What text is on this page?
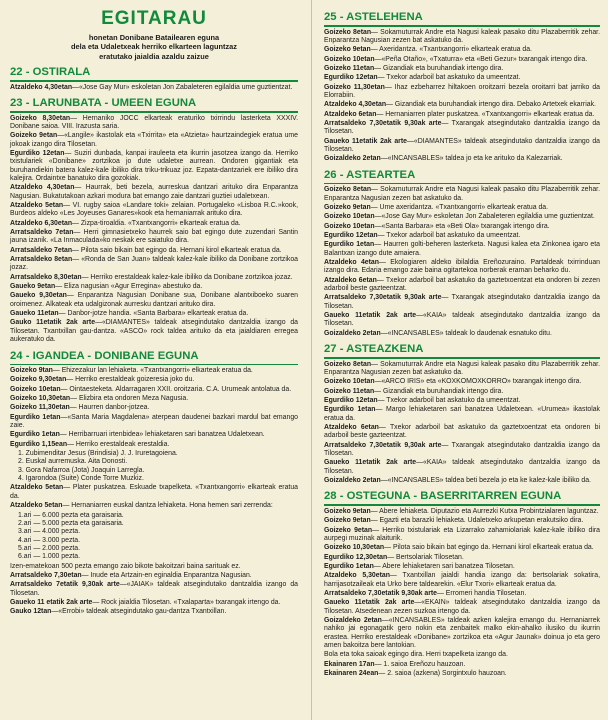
EGITARAU
honetan Donibane Batailearen eguna
dela eta Udaletxeak herriko elkarteen laguntzaz
eratutako jaialdia azaldu zaizue
22 - OSTIRALA
Atzaldeko 4,30etan—«Jose Gay Mur» eskoletan Jon Zabaleteren egilaldia ume guztientzat.
23 - LARUNBATA - UMEEN EGUNA
Goizeko 8,30etan— Hernaniko JOCC elkarteak eraturiko txirrindu lasterketa XXXIV. Donibane saioa. VIII. Irazusta saria.
Goizeko 9etan—«Langile» ikastolak eta «Txirrita» eta «Atzieta» haurtzaindegiek eratua ume jokoak izango dira Tilosetan.
Egurdiko 12etan— Suziri dunbada, kanpai irauleeta eta ikurrin jasotzea izango da. Herriko txistulariek «Donibane» zortzikoa jo dute udaletxe aurrean. Ondoren gigantiak eta buruhandiekin batera kalez-kale ibiliko dira triku-trikuaz joz. Ezpata-dantzariek ere ibiliko dira kalejira. Ordaintxe banatuko dira gozokiak.
Atzaldeko 4,30etan— Haurrak, beti bezela, aurreskua dantzari arituko dira Enparantza Nagusian. Bukatutakoan azkari modura bat emango zaie dantzari guztiei udaletxean.
Atzaldeko 5etan— VI. rugby saioa «Landare toki» zelaian. Portugaleko «Lisboa R.C.»kook, Burdeos aldeko «Les Joyeuses Ganares»kook eta hernaniarrak arituko dira.
Atzaldeko 6,30etan— Zizpa-tiroaldia. «Txantxangorri» elkarteak eratua da.
Arratsaldeko 7etan— Herri gimnasietxeko haurrek saio bat egingo dute zuzendari Santin jauna izanik. «La Inmaculada»ko neskak ere saiatuko dira.
Arratsaldeko 7etan— Pilota saio bikain bat egingo da. Hernani kirol elkarteak eratua da.
Arratsaldeko 8etan— «Ronda de San Juan» taldeak kalez-kale ibiliko da Donibane zortzikoa jozaz.
Arratsaldeko 8,30etan— Herriko erestaldeak kalez-kale ibiliko da Donibane zortzikoa jozaz.
Gaueko 9etan— Eliza nagusian «Agur Erregina» abestuko da.
Gaueko 9,30etan— Enparantza Nagusian Donibane sua, Donibane alantxiboeko suaren oroimenez. Alkateak eta udalgizonak aurresku dantzari arituko dira.
Gaueko 11etan— Danbor-jotze handia. «Santa Barbara» elkarteak eratua da.
Gauko 11etatik 2ak arte—«DIAMANTES» taldeak atsegindutako dantzaldia izango da Tilosetan. Txantxillan gau-dantza. «ASCO» rock taldea arituko da eta jaialdiaren erregea aukeratuko da.
24 - IGANDEA - DONIBANE EGUNA
Goizeko 9tan— Ehizezakur lan lehiaketa. «Txantxangorri» elkarteak eratua da.
Goizeko 9,30etan— Herriko erestaldeak goizeresia joko du.
Goizeko 10etan— Ointaesteketa. Aldarragaren XXII. oroitzaria. C.A. Urumeak antolatua da.
Goizeko 10,30etan— Elizbira eta ondoren Meza Nagusia.
Goizeko 11,30etan— Haurren danbor-jotzea.
Egurdiko 1etan—«Santa Maria Magdalena» aterpean daudenei bazkari mardul bat emango zaie.
Egurdiko 1etan— Herribarruari irtenbidea» lehiaketaren sari banatzea Udaletxean.
Egurdiko 1,15ean— Herriko erestaldeak erestaldia.
1. Zubimenditar Jesus (Brindisia) J. J. Iruretagoiena.
2. Euskal aurremuska. Aita Donosti.
3. Gora Nafarroa (Jota) Joaquin Larregla.
4. Igarondoa (Suite) Conde Torre Muzkiz.
Atzaldeko 5etan— Plater puskatzea. Eskuade txapelketa. «Txantxangorri» elkarteak eratua da.
Atzaldeko 5etan— Hernaniarren euskal dantza lehiaketa. Hona hemen sari zerrenda:
1.ari — 6.000 pezta eta garaisaria.
2.ari — 5.000 pezta eta garaisaria.
3.ari — 4.000 pezta.
4.ari — 3.000 pezta.
5.ari — 2.000 pezta.
6.ari — 1.000 pezta.
Izen-ematekoan 500 pezta emango zaio bikote bakoitzari baina sarituak ez.
Arratsaldeko 7,30etan— Inude eta Artzain-en eginaldia Enparantza Nagusian.
Arratsaldeko 7etatik 9,30ak arte—«JAIAK» taldeak atsegindutako dantzaldia izango da Tilosetan.
Gaueko 11 etatik 2ak arte— Rock jaialdia Tilosetan. «Txalaparta» txarangak irtengo da.
Gauko 12tan—«Errobi» taldeak atsegindutako gau-dantza Txantxillan.
25 - ASTELEHENA
Goizeko 8etan— Sokamuturrak Andre eta Nagusi kaleak pasako ditu Plazaberritik zehar. Enparantza Nagusian zezen bat askatuko da.
Goizeko 9etan— Axeridantza. «Txantxangorri» elkarteak eratua da.
Goizeko 10etan—«Peña Otaño», «Txaturra» eta «Beti Gezur» txarangak irtengo dira.
Goizeko 11etan— Gizandiak eta buruhandiak irtengo dira.
Egurdiko 12etan— Txekor adarboil bat askatuko da umeentzat.
Goizeko 11,30etan— Ihaz ezbeharrez hiltakoen oroitzarri bezela oroitarri bat jarriko da Elorrabiin.
Atzaldeko 4,30etan— Gizandiak eta buruhandiak irtengo dira. Debako Artetxek ekarriak.
Atzaldeko 6etan— Hernaniarren plater puskatzea. «Txantxangorri» elkarteak eratua da.
Arratsaldeko 7,30etatik 9,30ak arte— Txarangak atsegindutako dantzaldia izango da Tilosetan.
Gaueko 11etatik 2ak arte—«DIAMANTES» taldeak atsegindutako dantzaldia izango da Tilosetan.
Goizaldeko 2etan—«INCANSABLES» taldea jo eta ke arituko da Kalezarriak.
26 - ASTEARTEA
Goizeko 8etan— Sokamuturrak Andre eta Nagusi kaleak pasako ditu Plazaberritik zehar. Enparantza Nagusian zezen bat askatuko da.
Goizeko 9etan— Ume axeridantza. «Txantxangorri» elkarteak eratua da.
Goizeko 10etan—«Jose Gay Mur» eskoletan Jon Zabaleteren egilaldia ume guztientzat.
Goizeko 10etan—«Santa Barbara» eta «Beti Ola» txarangak irtengo dira.
Egurdiko 12etan— Txekor adarboil bat askatuko da umeentzat.
Egurdiko 1etan— Haurren golti-beheren lasterketa. Nagusi kalea eta Zinkonea igaro eta Balantxan izango dute amaiera.
Atzaldeko 4etan— Ekologiaren aldeko ibilaldia Ereñozuraino. Partaldeak txirrinduan izango dira. Edaria emango zaie baina ogitartekoa norberak eraman beharko du.
Atzaldeko 6etan— Txekor adarboil bat askatuko da gaztetxoentzat eta ondoren bi zezen adarboil beste gazteentzat.
Arratsaldeko 7,30etatik 9,30ak arte— Txarangak atsegindutako dantzaldia izango da Tilosetan.
Gaueko 11etatik 2ak arte—«KAIA» taldeak atsegindutako dantzaldia izango da Tilosetan.
Goizaldeko 2etan—«INCANSABLES» taldeak lo daudenak esnatuko ditu.
27 - ASTEAZKENA
Goizeko 8etan— Sokamuturrak Andre eta Nagusi kaleak pasako ditu Plazaberritik zehar. Enparantza Nagusian zezen bat askatuko da.
Goizeko 10etan—«ARCO IRIS» eta «KOXKOMOXKORRO» txarangak irtengo dira.
Goizeko 11etan— Gizandiak eta buruhandiak irtengo dira.
Egurdiko 12etan— Txekor adarboil bat askatuko da umeentzat.
Egurdiko 1etan— Margo lehiaketaren sari banatzea Udaletxean. «Urumea» ikastolak eratua da.
Atzaldeko 6etan— Txekor adarboil bat askatuko da gaztetxoentzat eta ondoren bi adarboil beste gazteentzat.
Arratsaldeko 7,30etatik 9,30ak arte— Txarangak atsegindutako dantzaldia izango da Tilosetan.
Gaueko 11etatik 2ak arte—«KAIA» taldeak atsegindutako dantzaldia izango da Tilosetan.
Goizaldeko 2etan—«INCANSABLES» taldea beti bezela jo eta ke kalez-kale ibiliko da.
28 - OSTEGUNA - BASERRITARREN EGUNA
Goizeko 9etan— Abere lehiaketa. Diputazio eta Aurrezki Kutxa Probintzialaren laguntzaz.
Goizeko 9etan— Egazti eta barazki lehiaketa. Udaletxeko arkupetan erakutsiko dira.
Goizeko 9etan— Herriko txistulariak eta Lizarrako zahamiolariak kalez-kale ibiliko dira aurpegi muzinak alaiturik.
Goizeko 10,30etan— Pilota saio bikain bat egingo da. Hernani kirol elkarteak eratua da.
Egurdiko 12,30etan— Bertsolariak Tilosetan.
Egurdiko 1etan— Abere lehiaketaren sari banatzea Tilosetan.
Atzaldeko 5,30etan— Txantxillan jaialdi handia izango da: bertsolariak sokatira, harrijasotzaileak eta Urko bere taldearekin. «Elur Txori» elkarteak eratua da.
Arratsaldeko 7,30etatik 9,30ak arte— Erromeri handia Tilosetan.
Gaueko 11etatik 2ak arte—«EKAIN» taldeak atsegindutako dantzaldia izango da Tilosetan. Atsedenean zezen suzkoa irtengo da.
Goizaldeko 2etan—«INCANSABLES» taldeak azken kalejira emango du. Hernaniarrek nahiko jai egonagatik gero nokin eta zenbaitek malko ekin-ahalko ilusiko du ikurrin erastea. Herriko erestaldeak «Donibane» zortzikoa eta «Agur Jaunak» doinua jo eta gero amen bakoitza bere lantokian.
Bola eta toka saioak egingo dira. Herri txapelketa izango da.
Ekainaren 17an— 1. saioa Ereñozu hauzoan.
Ekainaren 24ean— 2. saioa (azkena) Sorgintxulo hauzoan.
